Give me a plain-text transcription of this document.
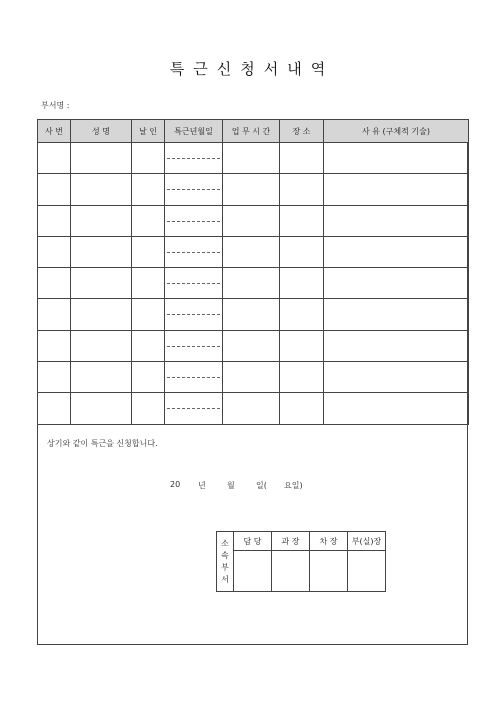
특근신청서내역
부서명 :
사 번	성 명	날 인	특근년월일	업 무 시 간	장 소	사 유 (구체적 기술)

상기와 같이 특근을 신청합니다.
20 년	월	일( 요일)
소
속
부
서	담 당	과 장	차 장	부(실)장
